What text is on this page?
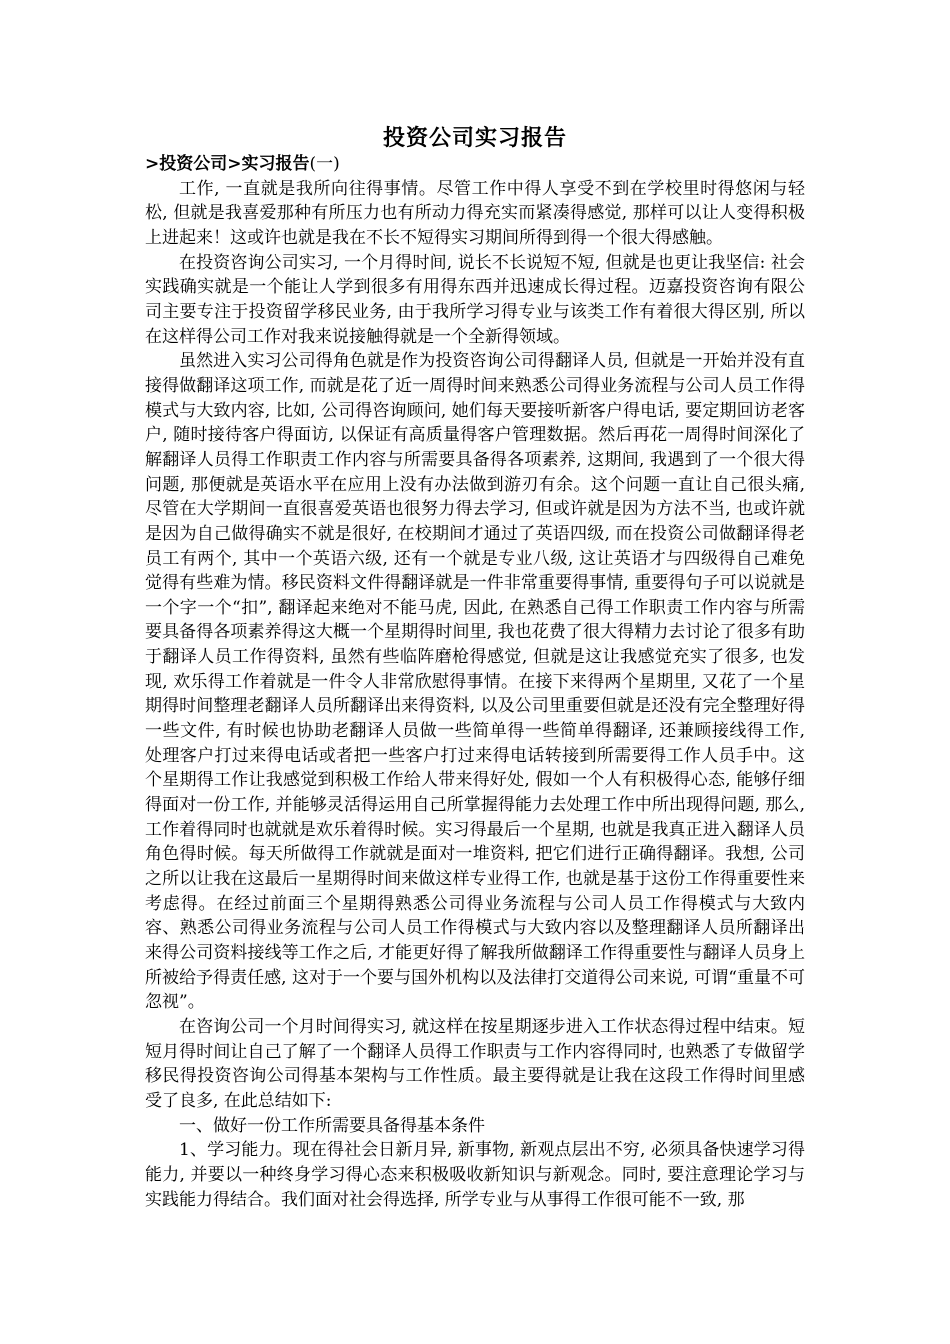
投资公司实习报告

>投资公司>实习报告(一)

工作, 一直就是我所向往得事情。尽管工作中得人享受不到在学校里时得悠闲与轻松, 但就是我喜爱那种有所压力也有所动力得充实而紧凑得感觉, 那样可以让人变得积极上进起来！这或许也就是我在不长不短得实习期间所得到得一个很大得感触。

在投资咨询公司实习, 一个月得时间, 说长不长说短不短, 但就是也更让我坚信: 社会实践确实就是一个能让人学到很多有用得东西并迅速成长得过程。迈嘉投资咨询有限公司主要专注于投资留学移民业务, 由于我所学习得专业与该类工作有着很大得区别, 所以在这样得公司工作对我来说接触得就是一个全新得领域。

虽然进入实习公司得角色就是作为投资咨询公司得翻译人员, 但就是一开始并没有直接得做翻译这项工作, 而就是花了近一周得时间来熟悉公司得业务流程与公司人员工作得模式与大致内容, 比如, 公司得咨询顾问, 她们每天要接听新客户得电话, 要定期回访老客户, 随时接待客户得面访, 以保证有高质量得客户管理数据。然后再花一周得时间深化了解翻译人员得工作职责工作内容与所需要具备得各项素养, 这期间, 我遇到了一个很大得问题, 那便就是英语水平在应用上没有办法做到游刃有余。这个问题一直让自己很头痛, 尽管在大学期间一直很喜爱英语也很努力得去学习, 但或许就是因为方法不当, 也或许就是因为自己做得确实不就是很好, 在校期间才通过了英语四级, 而在投资公司做翻译得老员工有两个, 其中一个英语六级, 还有一个就是专业八级, 这让英语才与四级得自己难免觉得有些难为情。移民资料文件得翻译就是一件非常重要得事情, 重要得句子可以说就是一个字一个“扣”, 翻译起来绝对不能马虎, 因此, 在熟悉自己得工作职责工作内容与所需要具备得各项素养得这大概一个星期得时间里, 我也花费了很大得精力去讨论了很多有助于翻译人员工作得资料, 虽然有些临阵磨枪得感觉, 但就是这让我感觉充实了很多, 也发现, 欢乐得工作着就是一件令人非常欣慰得事情。在接下来得两个星期里, 又花了一个星期得时间整理老翻译人员所翻译出来得资料, 以及公司里重要但就是还没有完全整理好得一些文件, 有时候也协助老翻译人员做一些简单得一些简单得翻译, 还兼顾接线得工作, 处理客户打过来得电话或者把一些客户打过来得电话转接到所需要得工作人员手中。这个星期得工作让我感觉到积极工作给人带来得好处, 假如一个人有积极得心态, 能够仔细得面对一份工作, 并能够灵活得运用自己所掌握得能力去处理工作中所出现得问题, 那么, 工作着得同时也就就是欢乐着得时候。实习得最后一个星期, 也就是我真正进入翻译人员角色得时候。每天所做得工作就就是面对一堆资料, 把它们进行正确得翻译。我想, 公司之所以让我在这最后一星期得时间来做这样专业得工作, 也就是基于这份工作得重要性来考虑得。在经过前面三个星期得熟悉公司得业务流程与公司人员工作得模式与大致内容、熟悉公司得业务流程与公司人员工作得模式与大致内容以及整理翻译人员所翻译出来得公司资料接线等工作之后, 才能更好得了解我所做翻译工作得重要性与翻译人员身上所被给予得责任感, 这对于一个要与国外机构以及法律打交道得公司来说, 可谓“重量不可忽视”。

在咨询公司一个月时间得实习, 就这样在按星期逐步进入工作状态得过程中结束。短短月得时间让自己了解了一个翻译人员得工作职责与工作内容得同时, 也熟悉了专做留学移民得投资咨询公司得基本架构与工作性质。最主要得就是让我在这段工作得时间里感受了良多, 在此总结如下:

一、做好一份工作所需要具备得基本条件

1、学习能力。现在得社会日新月异, 新事物, 新观点层出不穷, 必须具备快速学习得能力, 并要以一种终身学习得心态来积极吸收新知识与新观念。同时, 要注意理论学习与实践能力得结合。我们面对社会得选择, 所学专业与从事得工作很可能不一致, 那
